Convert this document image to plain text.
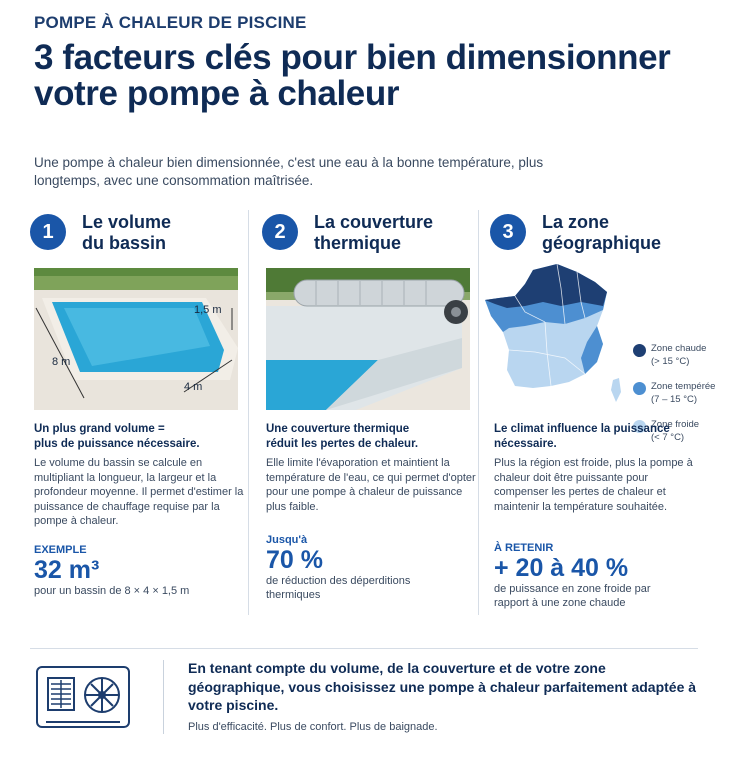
POMPE À CHALEUR DE PISCINE
3 facteurs clés pour bien dimensionner votre pompe à chaleur

Une pompe à chaleur bien dimensionnée, c'est une eau à la bonne température, plus longtemps, avec une consommation maîtrisée.

1	Le volume
du bassin
1,5 m
8 m
4 m
Un plus grand volume =
plus de puissance nécessaire.

Le volume du bassin se calcule en multipliant la longueur, la largeur et la profondeur moyenne. Il permet d'estimer la puissance de chauffage requise par la pompe à chaleur.

EXEMPLE
32 m³
pour un bassin de 8 × 4 × 1,5 m
2	La couverture
thermique
Une couverture thermique
réduit les pertes de chaleur.

Elle limite l'évaporation et maintient la température de l'eau, ce qui permet d'opter pour une pompe à chaleur de puissance plus faible.

Jusqu'à
70 %
de réduction des déperditions thermiques
3	La zone
géographique
Zone chaude
(> 15 °C)
Zone tempérée
(7 – 15 °C)
Zone froide
(< 7 °C)
Le climat influence la puissance
nécessaire.

Plus la région est froide, plus la pompe à chaleur doit être puissante pour compenser les pertes de chaleur et maintenir la température souhaitée.

À RETENIR
+ 20 à 40 %
de puissance en zone froide par rapport à une zone chaude

En tenant compte du volume, de la couverture et de votre zone géographique, vous choisissez une pompe à chaleur parfaitement adaptée à votre piscine.

Plus d'efficacité. Plus de confort. Plus de baignade.
